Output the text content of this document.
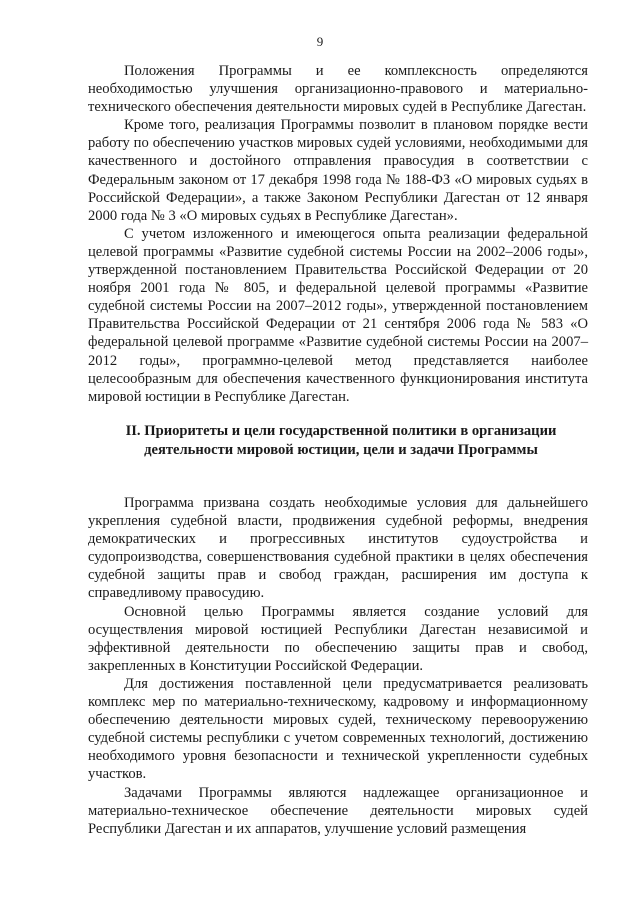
9

Положения Программы и ее комплексность определяются необходимостью улучшения организационно-правового и материально-технического обеспечения деятельности мировых судей в Республике Дагестан.

Кроме того, реализация Программы позволит в плановом порядке вести работу по обеспечению участков мировых судей условиями, необходимыми для качественного и достойного отправления правосудия в соответствии с Федеральным законом от 17 декабря 1998 года № 188-ФЗ «О мировых судьях в Российской Федерации», а также Законом Республики Дагестан от 12 января 2000 года № 3 «О мировых судьях в Республике Дагестан».

С учетом изложенного и имеющегося опыта реализации федеральной целевой программы «Развитие судебной системы России на 2002–2006 годы», утвержденной постановлением Правительства Российской Федерации от 20 ноября 2001 года № 805, и федеральной целевой программы «Развитие судебной системы России на 2007–2012 годы», утвержденной постановлением Правительства Российской Федерации от 21 сентября 2006 года № 583 «О федеральной целевой программе «Развитие судебной системы России на 2007–2012 годы», программно-целевой метод представляется наиболее целесообразным для обеспечения качественного функционирования института мировой юстиции в Республике Дагестан.

II. Приоритеты и цели государственной политики в организации деятельности мировой юстиции, цели и задачи Программы

Программа призвана создать необходимые условия для дальнейшего укрепления судебной власти, продвижения судебной реформы, внедрения демократических и прогрессивных институтов судоустройства и судопроизводства, совершенствования судебной практики в целях обеспечения судебной защиты прав и свобод граждан, расширения им доступа к справедливому правосудию.

Основной целью Программы является создание условий для осуществления мировой юстицией Республики Дагестан независимой и эффективной деятельности по обеспечению защиты прав и свобод, закрепленных в Конституции Российской Федерации.

Для достижения поставленной цели предусматривается реализовать комплекс мер по материально-техническому, кадровому и информационному обеспечению деятельности мировых судей, техническому перевооружению судебной системы республики с учетом современных технологий, достижению необходимого уровня безопасности и технической укрепленности судебных участков.

Задачами Программы являются надлежащее организационное и материально-техническое обеспечение деятельности мировых судей Республики Дагестан и их аппаратов, улучшение условий размещения
